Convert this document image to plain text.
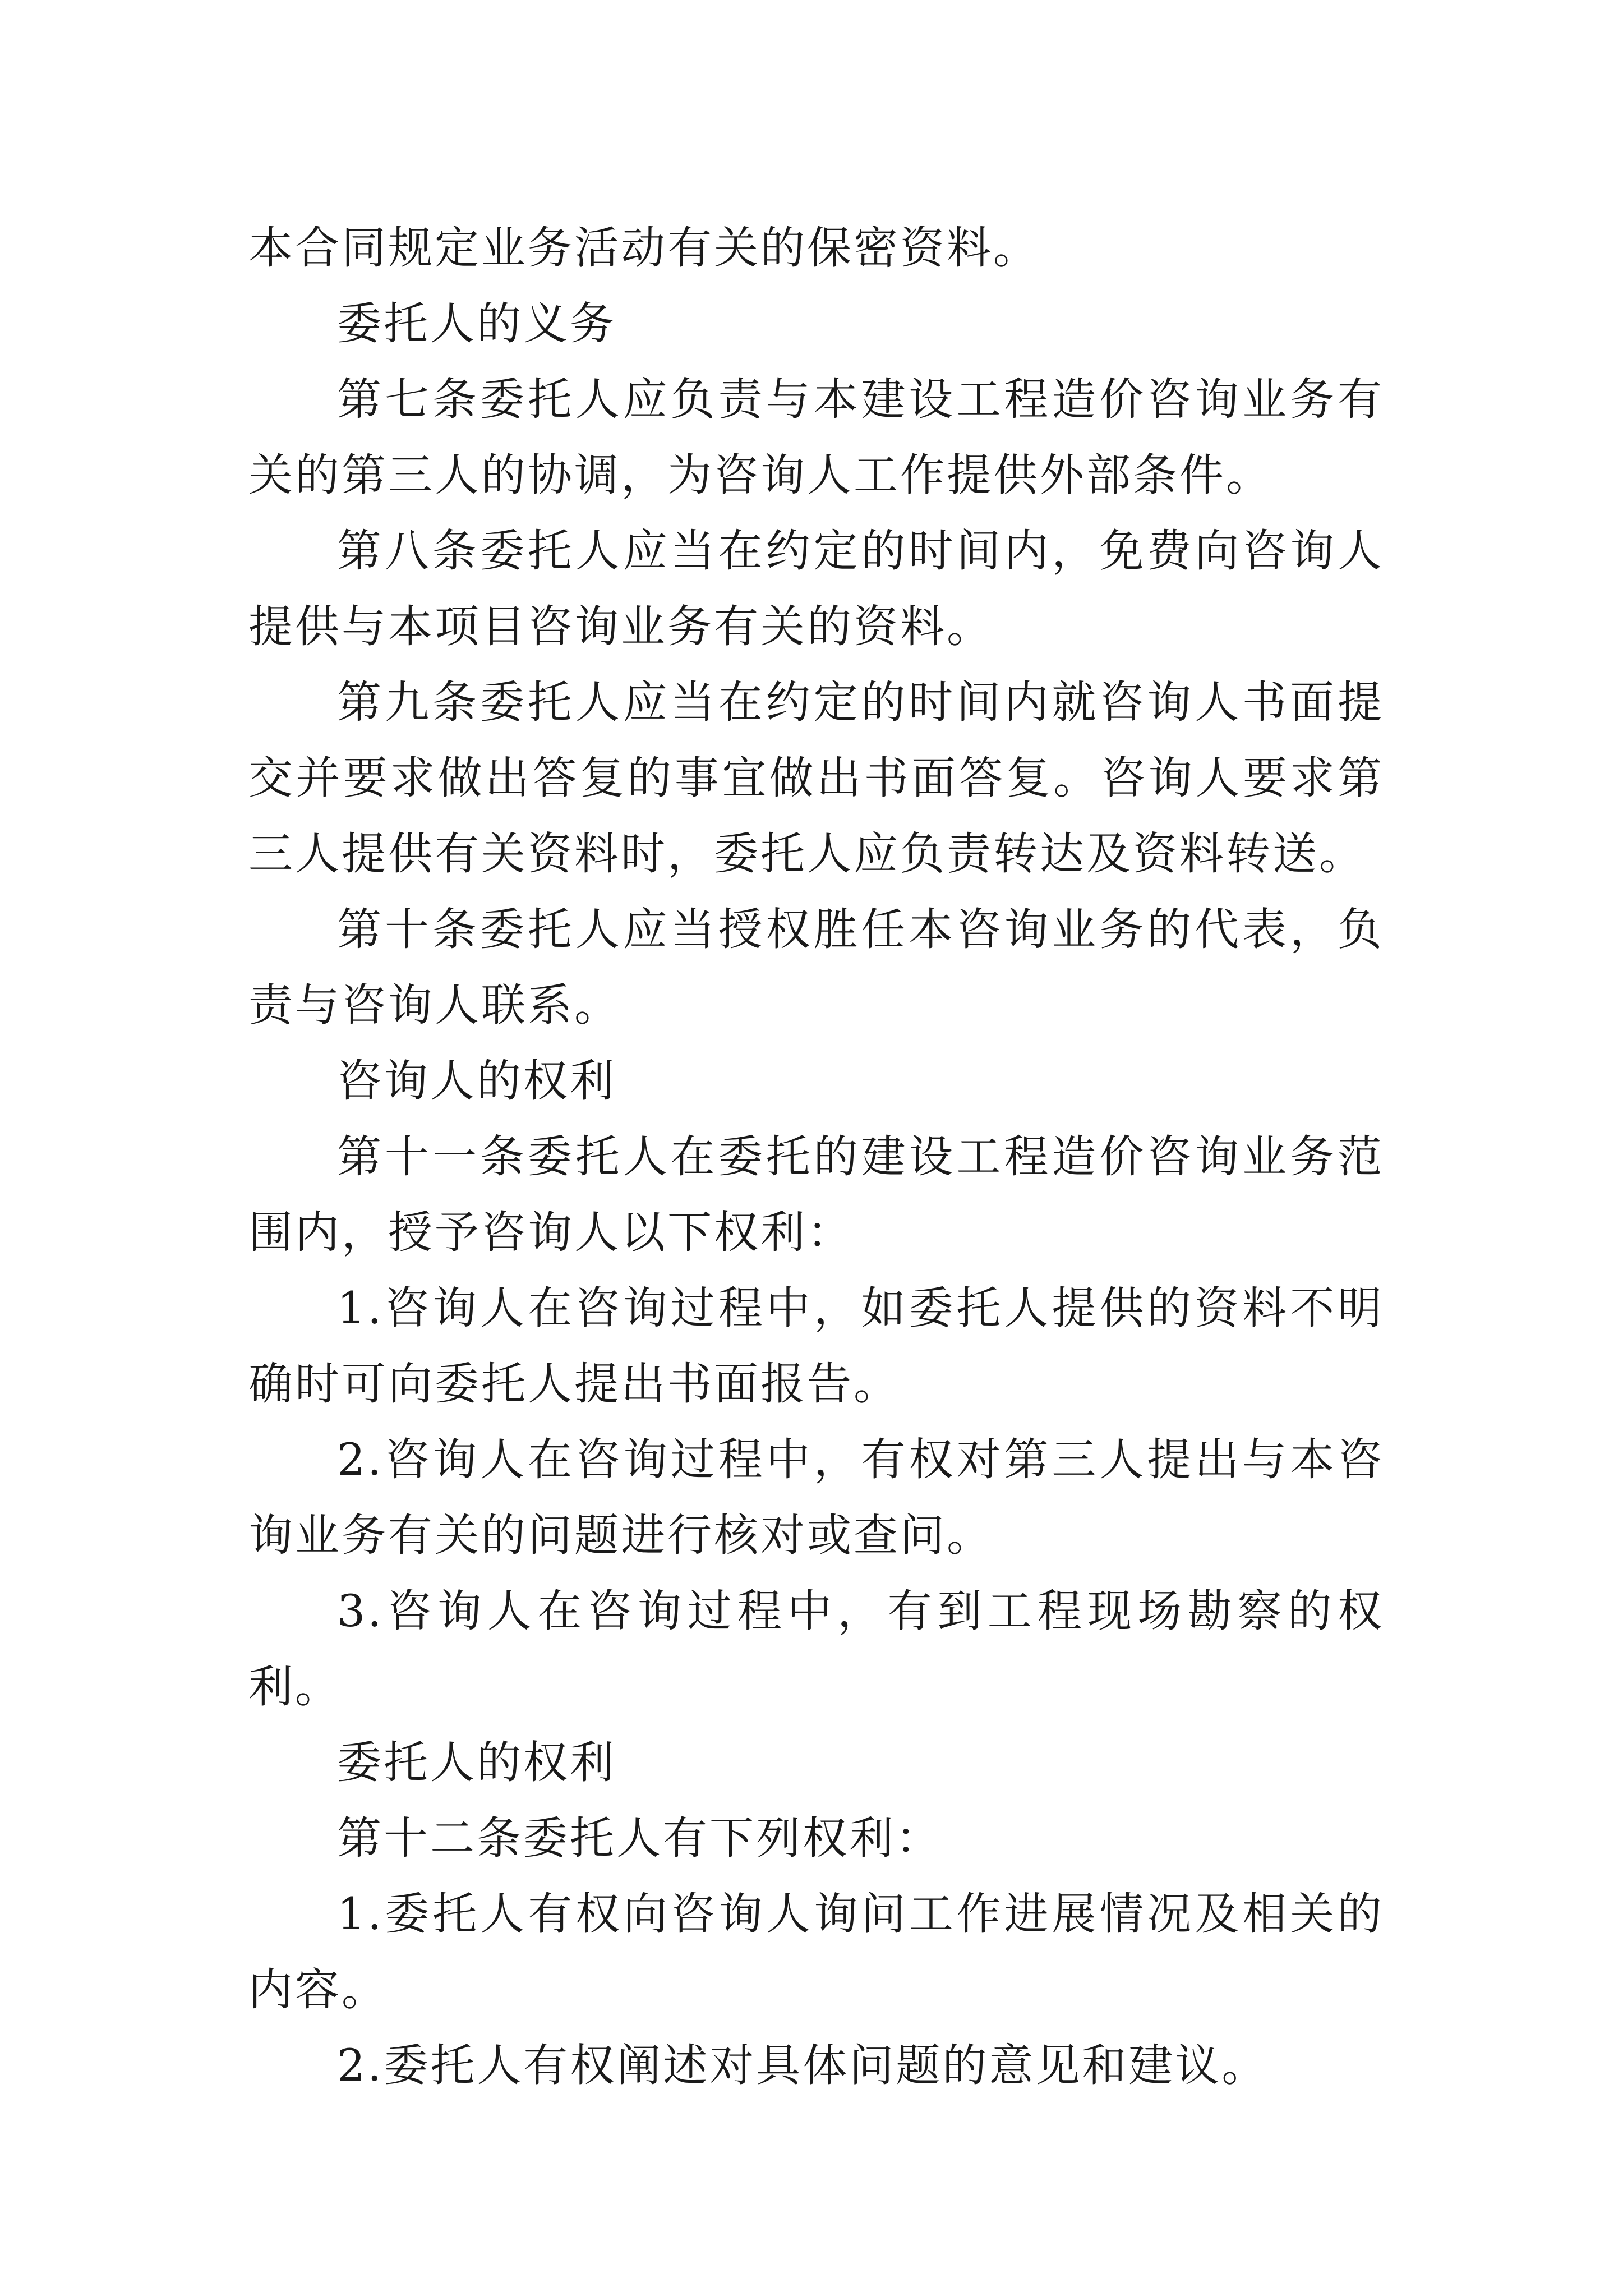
本合同规定业务活动有关的保密资料。

委托人的义务

第七条委托人应负责与本建设工程造价咨询业务有关的第三人的协调，为咨询人工作提供外部条件。

第八条委托人应当在约定的时间内，免费向咨询人提供与本项目咨询业务有关的资料。

第九条委托人应当在约定的时间内就咨询人书面提交并要求做出答复的事宜做出书面答复。咨询人要求第三人提供有关资料时，委托人应负责转达及资料转送。

第十条委托人应当授权胜任本咨询业务的代表，负责与咨询人联系。

咨询人的权利

第十一条委托人在委托的建设工程造价咨询业务范围内，授予咨询人以下权利：

1.咨询人在咨询过程中，如委托人提供的资料不明确时可向委托人提出书面报告。

2.咨询人在咨询过程中，有权对第三人提出与本咨询业务有关的问题进行核对或查问。

3.咨询人在咨询过程中，有到工程现场勘察的权利。

委托人的权利

第十二条委托人有下列权利：

1.委托人有权向咨询人询问工作进展情况及相关的内容。

2.委托人有权阐述对具体问题的意见和建议。
